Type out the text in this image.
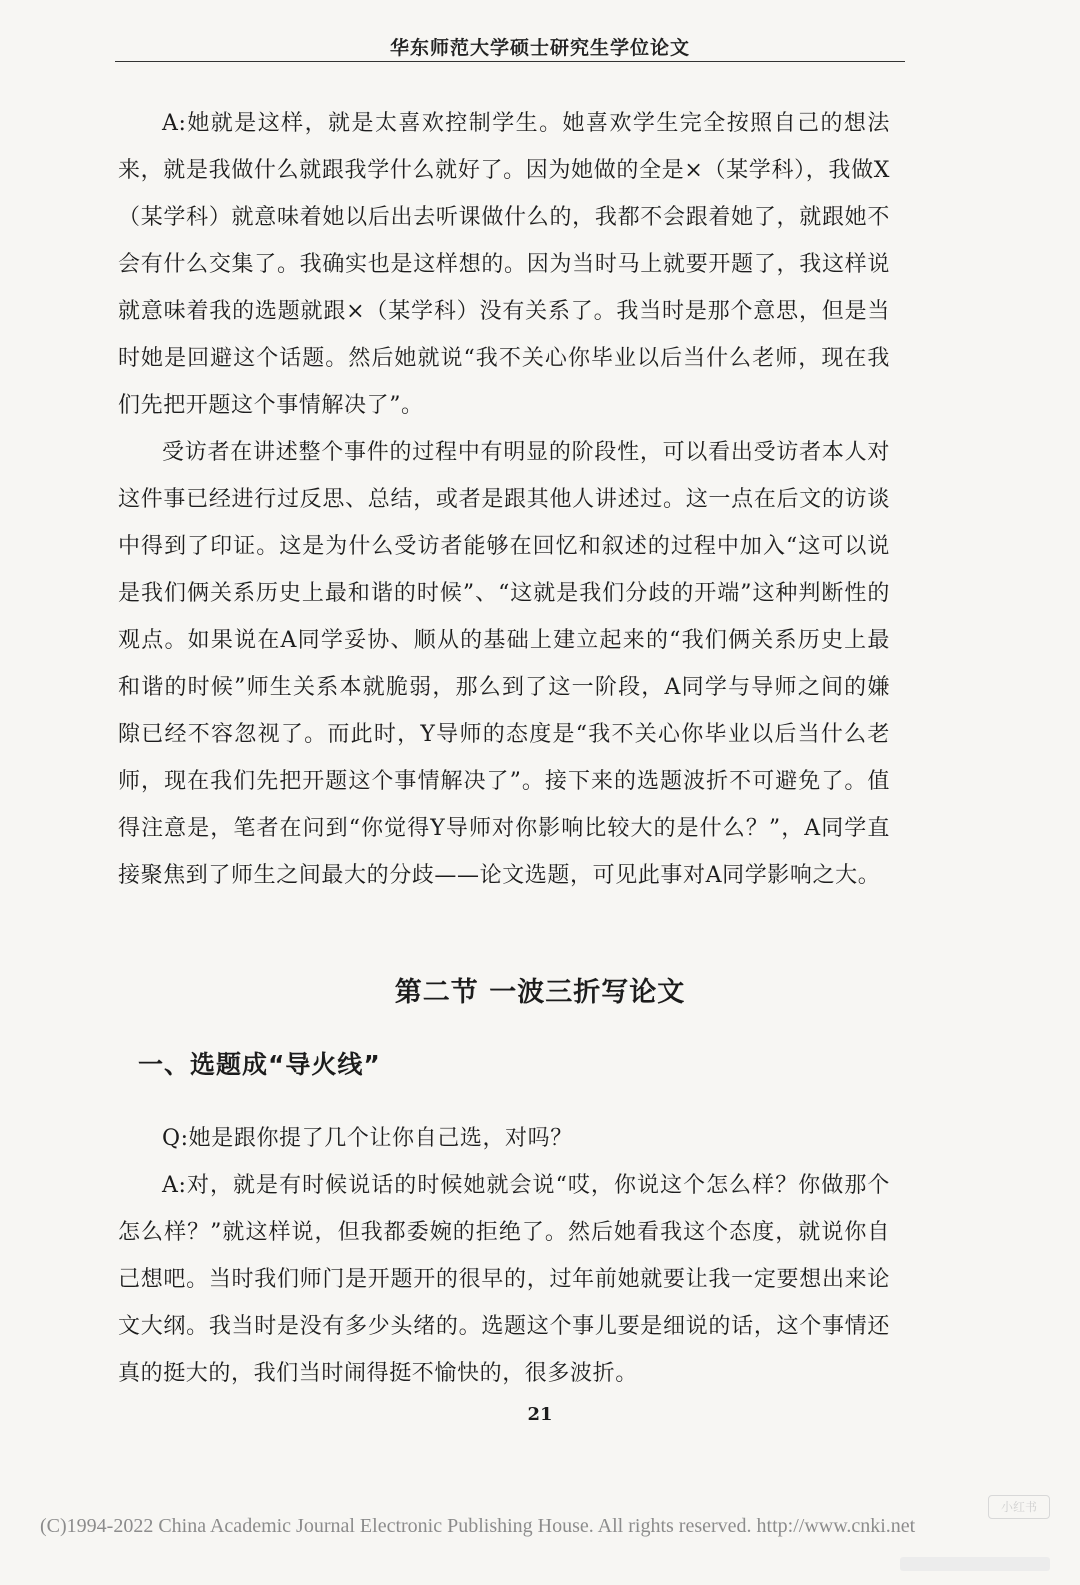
华东师范大学硕士研究生学位论文

A:她就是这样，就是太喜欢控制学生。她喜欢学生完全按照自己的想法来，就是我做什么就跟我学什么就好了。因为她做的全是×（某学科），我做X（某学科）就意味着她以后出去听课做什么的，我都不会跟着她了，就跟她不会有什么交集了。我确实也是这样想的。因为当时马上就要开题了，我这样说就意味着我的选题就跟×（某学科）没有关系了。我当时是那个意思，但是当时她是回避这个话题。然后她就说“我不关心你毕业以后当什么老师，现在我们先把开题这个事情解决了”。

受访者在讲述整个事件的过程中有明显的阶段性，可以看出受访者本人对这件事已经进行过反思、总结，或者是跟其他人讲述过。这一点在后文的访谈中得到了印证。这是为什么受访者能够在回忆和叙述的过程中加入“这可以说是我们俩关系历史上最和谐的时候”、“这就是我们分歧的开端”这种判断性的观点。如果说在A同学妥协、顺从的基础上建立起来的“我们俩关系历史上最和谐的时候”师生关系本就脆弱，那么到了这一阶段，A同学与导师之间的嫌隙已经不容忽视了。而此时，Y导师的态度是“我不关心你毕业以后当什么老师，现在我们先把开题这个事情解决了”。接下来的选题波折不可避免了。值得注意是，笔者在问到“你觉得Y导师对你影响比较大的是什么？”，A同学直接聚焦到了师生之间最大的分歧——论文选题，可见此事对A同学影响之大。

第二节 一波三折写论文
一、选题成“导火线”

Q:她是跟你提了几个让你自己选，对吗？

A:对，就是有时候说话的时候她就会说“哎，你说这个怎么样？你做那个怎么样？”就这样说，但我都委婉的拒绝了。然后她看我这个态度，就说你自己想吧。当时我们师门是开题开的很早的，过年前她就要让我一定要想出来论文大纲。我当时是没有多少头绪的。选题这个事儿要是细说的话，这个事情还真的挺大的，我们当时闹得挺不愉快的，很多波折。

21
(C)1994-2022 China Academic Journal Electronic Publishing House. All rights reserved. http://www.cnki.net
小红书
